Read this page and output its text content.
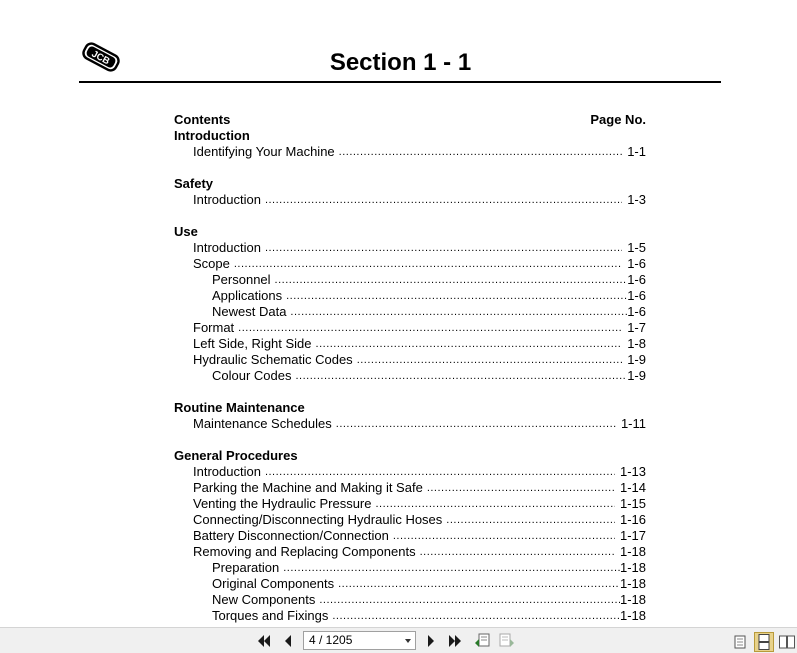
JCB	Section 1 - 1
Contents	Page No.
Introduction
Identifying Your Machine .....	1-1
Safety
Introduction .....	1-3
Use
Introduction .....	1-5
Scope .....	1-6
Personnel .....	1-6
Applications .....	1-6
Newest Data .....	1-6
Format .....	1-7
Left Side, Right Side .....	1-8
Hydraulic Schematic Codes .....	1-9
Colour Codes .....	1-9
Routine Maintenance
Maintenance Schedules .....	1-11
General Procedures
Introduction .....	1-13
Parking the Machine and Making it Safe .....	1-14
Venting the Hydraulic Pressure .....	1-15
Connecting/Disconnecting Hydraulic Hoses .....	1-16
Battery Disconnection/Connection .....	1-17
Removing and Replacing Components .....	1-18
Preparation .....	1-18
Original Components .....	1-18
New Components .....	1-18
Torques and Fixings .....	1-18
4 / 1205
